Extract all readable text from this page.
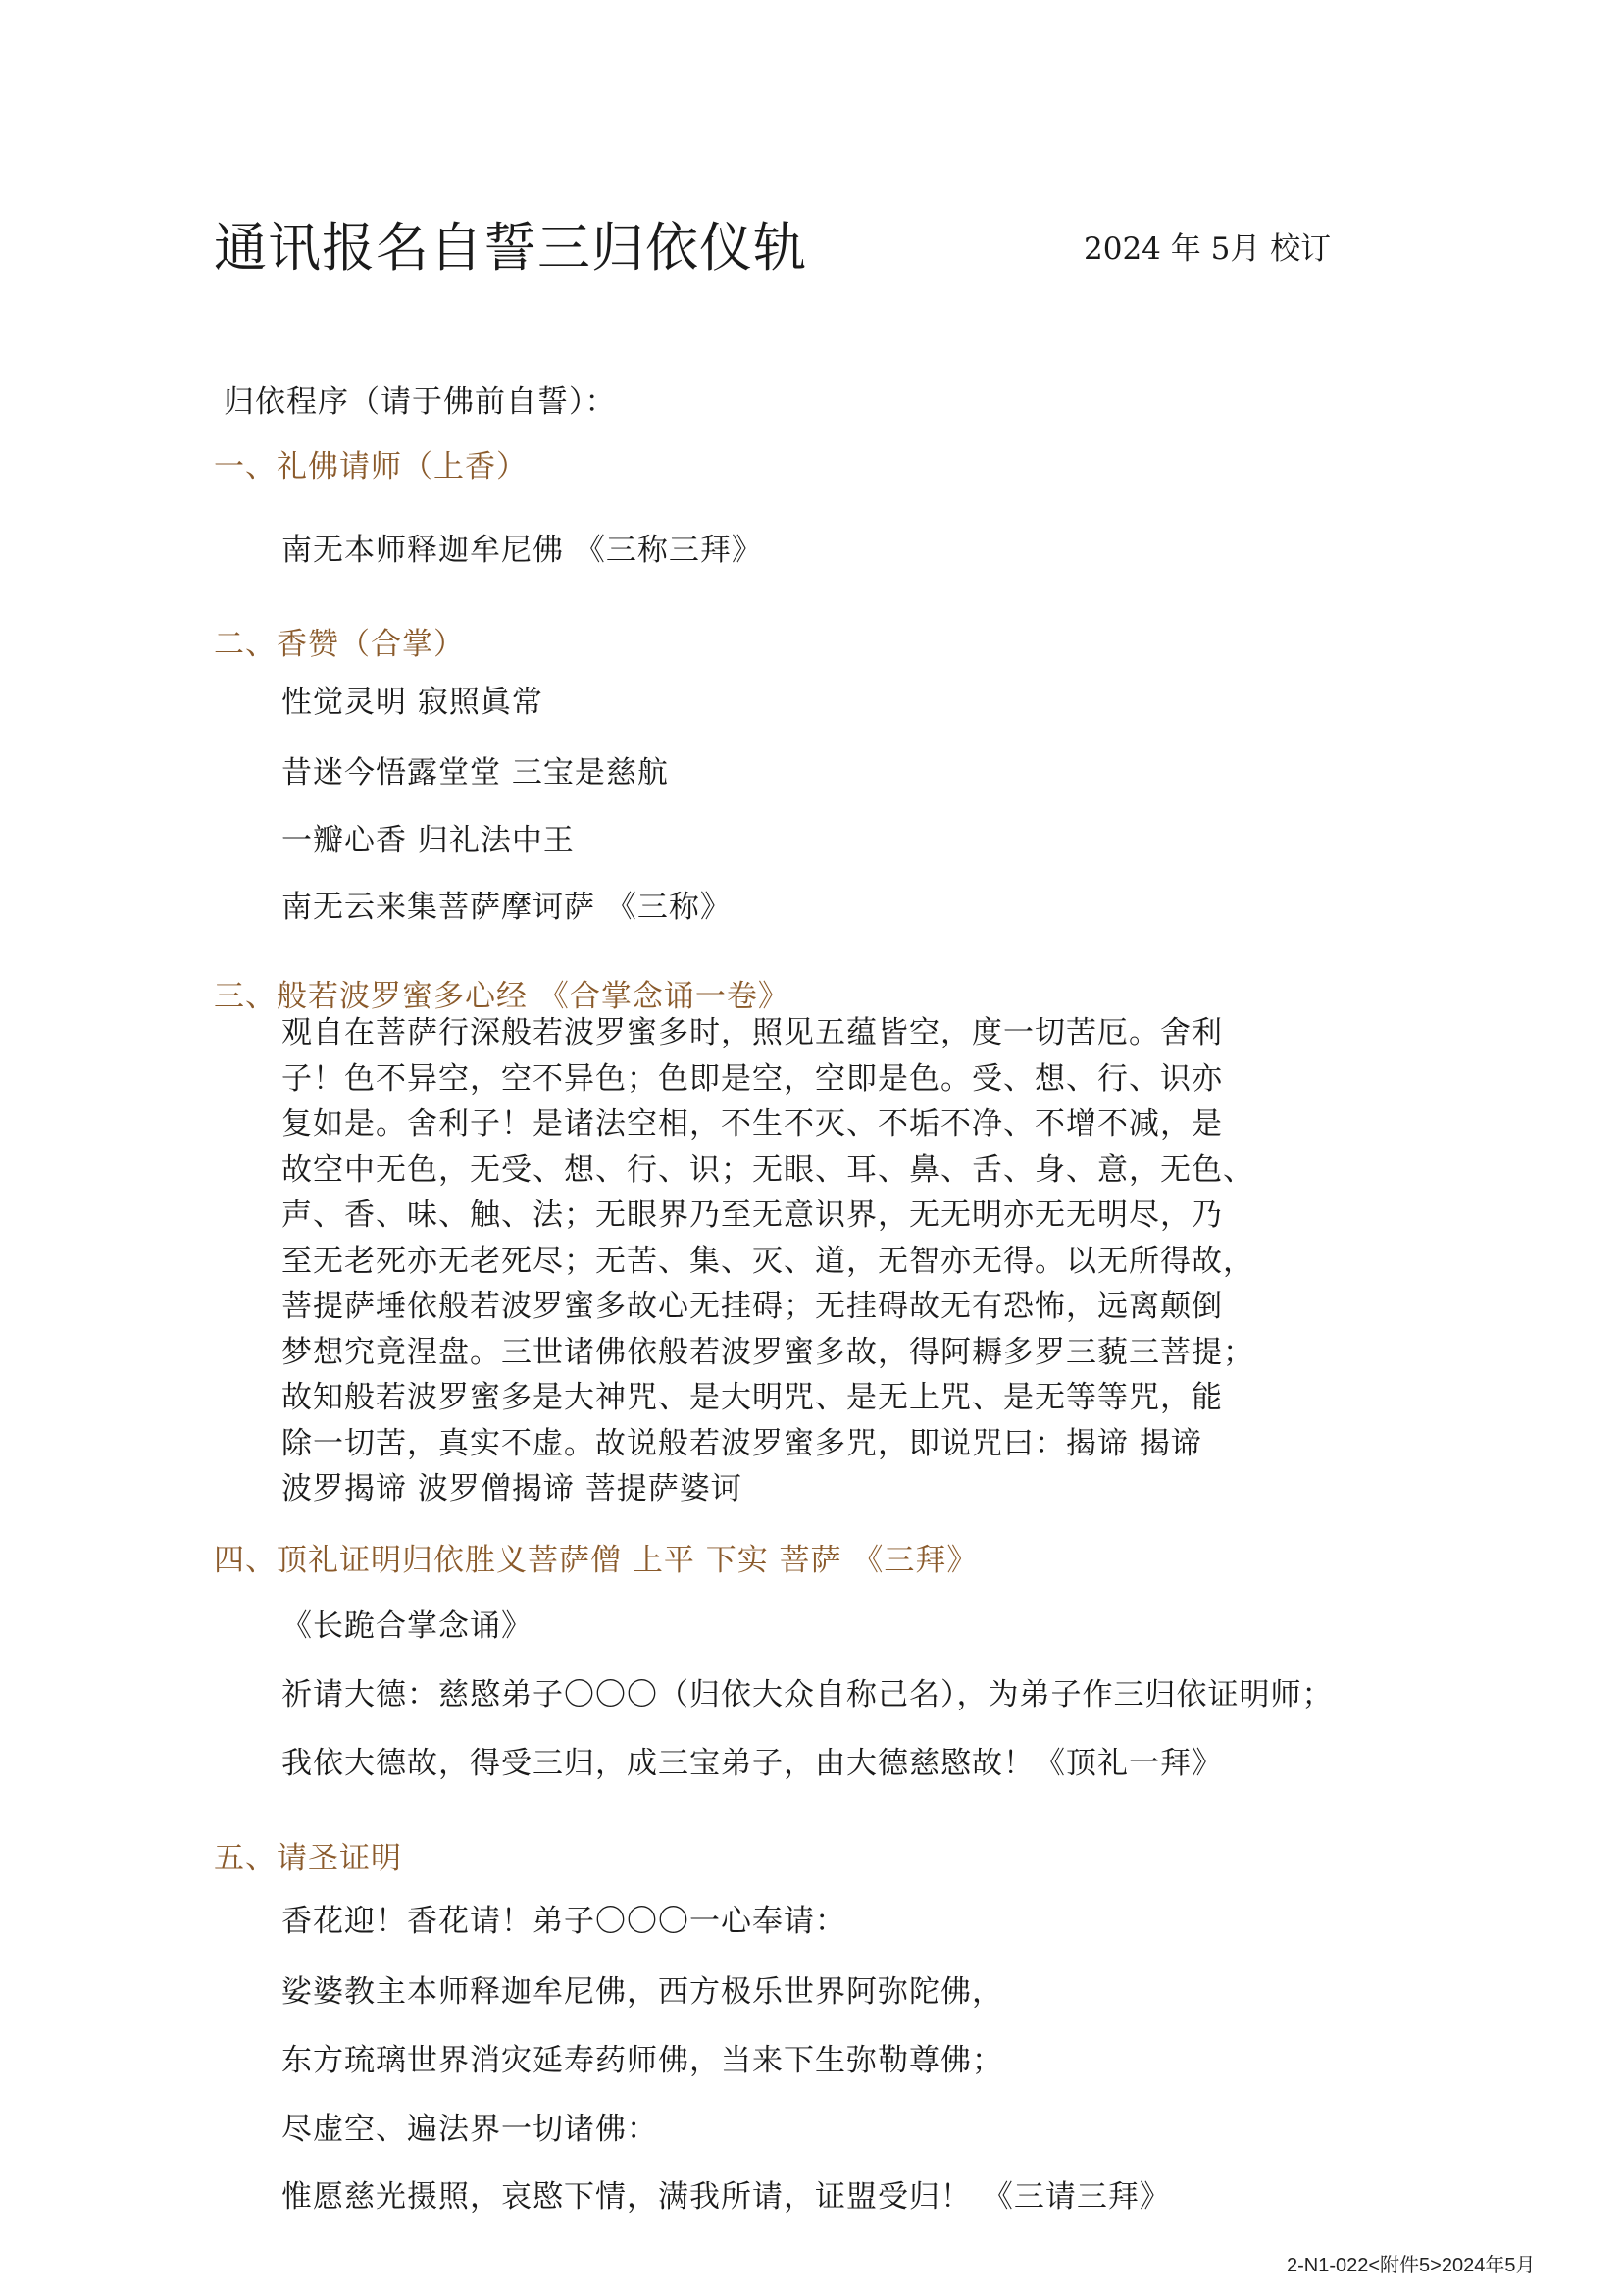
通讯报名自誓三归依仪轨	2024 年 5月 校订
归依程序（请于佛前自誓）：
一、礼佛请师（上香）
南无本师释迦牟尼佛 《三称三拜》
二、香赞（合掌）
性觉灵明 寂照眞常
昔迷今悟露堂堂 三宝是慈航
一瓣心香 归礼法中王
南无云来集菩萨摩诃萨 《三称》
三、般若波罗蜜多心经 《合掌念诵一卷》
观自在菩萨行深般若波罗蜜多时，照见五蕴皆空，度一切苦厄。舍利
子！色不异空，空不异色；色即是空，空即是色。受、想、行、识亦
复如是。舍利子！是诸法空相，不生不灭、不垢不净、不增不减，是
故空中无色，无受、想、行、识；无眼、耳、鼻、舌、身、意，无色、
声、香、味、触、法；无眼界乃至无意识界，无无明亦无无明尽，乃
至无老死亦无老死尽；无苦、集、灭、道，无智亦无得。以无所得故，
菩提萨埵依般若波罗蜜多故心无挂碍；无挂碍故无有恐怖，远离颠倒
梦想究竟涅盘。三世诸佛依般若波罗蜜多故，得阿耨多罗三藐三菩提；
故知般若波罗蜜多是大神咒、是大明咒、是无上咒、是无等等咒，能
除一切苦，真实不虚。故说般若波罗蜜多咒，即说咒曰：揭谛 揭谛
波罗揭谛 波罗僧揭谛 菩提萨婆诃
四、顶礼证明归依胜义菩萨僧 上平 下实 菩萨 《三拜》
《长跪合掌念诵》
祈请大德：慈愍弟子〇〇〇（归依大众自称己名），为弟子作三归依证明师；
我依大德故，得受三归，成三宝弟子，由大德慈愍故！《顶礼一拜》
五、请圣证明
香花迎！香花请！弟子〇〇〇一心奉请：
娑婆教主本师释迦牟尼佛，西方极乐世界阿弥陀佛，
东方琉璃世界消灾延寿药师佛，当来下生弥勒尊佛；
尽虚空、遍法界一切诸佛：
惟愿慈光摄照，哀愍下情，满我所请，证盟受归！ 《三请三拜》
2-N1-022<附件5>2024年5月
